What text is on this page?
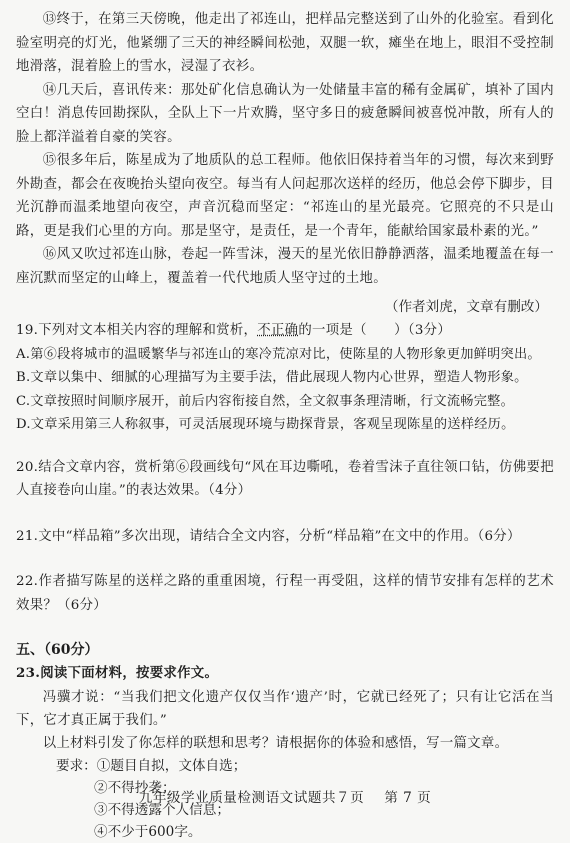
⑬终于，在第三天傍晚，他走出了祁连山，把样品完整送到了山外的化验室。看到化验室明亮的灯光，他紧绷了三天的神经瞬间松弛，双腿一软，瘫坐在地上，眼泪不受控制地滑落，混着脸上的雪水，浸湿了衣衫。

⑭几天后，喜讯传来：那处矿化信息确认为一处储量丰富的稀有金属矿，填补了国内空白！消息传回勘探队，全队上下一片欢腾，坚守多日的疲惫瞬间被喜悦冲散，所有人的脸上都洋溢着自豪的笑容。

⑮很多年后，陈星成为了地质队的总工程师。他依旧保持着当年的习惯，每次来到野外勘查，都会在夜晚抬头望向夜空。每当有人问起那次送样的经历，他总会停下脚步，目光沉静而温柔地望向夜空，声音沉稳而坚定：“祁连山的星光最亮。它照亮的不只是山路，更是我们心里的方向。那是坚守，是责任，是一个青年，能献给国家最朴素的光。”

⑯风又吹过祁连山脉，卷起一阵雪沫，漫天的星光依旧静静洒落，温柔地覆盖在每一座沉默而坚定的山峰上，覆盖着一代代地质人坚守过的土地。

（作者刘虎，文章有删改）

19.下列对文本相关内容的理解和赏析，不正确的一项是（　　）（3分）

A.第⑥段将城市的温暖繁华与祁连山的寒冷荒凉对比，使陈星的人物形象更加鲜明突出。

B.文章以集中、细腻的心理描写为主要手法，借此展现人物内心世界，塑造人物形象。

C.文章按照时间顺序展开，前后内容衔接自然，全文叙事条理清晰，行文流畅完整。

D.文章采用第三人称叙事，可灵活展现环境与勘探背景，客观呈现陈星的送样经历。

20.结合文章内容，赏析第⑥段画线句“风在耳边嘶吼，卷着雪沫子直往领口钻，仿佛要把人直接卷向山崖。”的表达效果。（4分）

21.文中“样品箱”多次出现，请结合全文内容，分析“样品箱”在文中的作用。（6分）

22.作者描写陈星的送样之路的重重困境，行程一再受阻，这样的情节安排有怎样的艺术效果？（6分）

五、（60分）

23.阅读下面材料，按要求作文。

冯骥才说：“当我们把文化遗产仅仅当作‘遗产’时，它就已经死了；只有让它活在当下，它才真正属于我们。”

以上材料引发了你怎样的联想和思考？请根据你的体验和感悟，写一篇文章。

要求：①题目自拟，文体自选；

②不得抄袭；

③不得透露个人信息；

④不少于600字。

九年级学业质量检测语文试题共７页 第 7 页
